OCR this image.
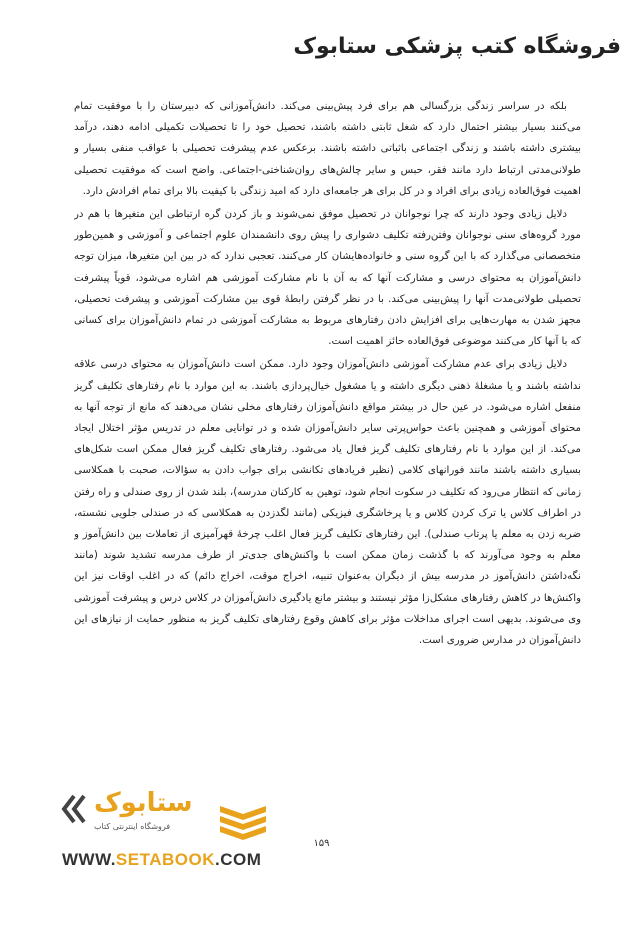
فروشگاه کتب پزشکی ستابوک

بلکه در سراسر زندگی بزرگسالی هم برای فرد پیش‌بینی می‌کند. دانش‌آموزانی که دبیرستان را با موفقیت تمام می‌کنند بسیار بیشتر احتمال دارد که شغل ثابتی داشته باشند، تحصیل خود را تا تحصیلات تکمیلی ادامه دهند، درآمد بیشتری داشته باشند و زندگی اجتماعی باثباتی داشته باشند. برعکس عدم پیشرفت تحصیلی با عواقب منفی بسیار و طولانی‌مدتی ارتباط دارد مانند فقر، حبس و سایر چالش‌های روان‌شناختی-اجتماعی. واضح است که موفقیت تحصیلی اهمیت فوق‌العاده زیادی برای افراد و در کل برای هر جامعه‌ای دارد که امید زندگی با کیفیت بالا برای تمام افرادش دارد.

دلایل زیادی وجود دارند که چرا نوجوانان در تحصیل موفق نمی‌شوند و باز کردن گره ارتباطی این متغیرها با هم در مورد گروه‌های سنی نوجوانان وفتن‌رفته تکلیف دشواری را پیش روی دانشمندان علوم اجتماعی و آموزشی و همین‌طور متخصصانی می‌گذارد که با این گروه سنی و خانواده‌هایشان کار می‌کنند. تعجبی ندارد که در بین این متغیرها، میزان توجه دانش‌آموزان به محتوای درسی و مشارکت آنها که به آن با نام مشارکت آموزشی هم اشاره می‌شود، قویاً پیشرفت تحصیلی طولانی‌مدت آنها را پیش‌بینی می‌کند. با در نظر گرفتن رابطهٔ قوی بین مشارکت آموزشی و پیشرفت تحصیلی، مجهز شدن به مهارت‌هایی برای افزایش دادن رفتارهای مربوط به مشارکت آموزشی در تمام دانش‌آموزان برای کسانی که با آنها کار می‌کنند موضوعی فوق‌العاده حائز اهمیت است.

دلایل زیادی برای عدم مشارکت آموزشی دانش‌آموزان وجود دارد. ممکن است دانش‌آموزان به محتوای درسی علاقه نداشته باشند و یا مشغلهٔ ذهنی دیگری داشته و یا مشغول خیال‌پردازی باشند. به این موارد با نام رفتارهای تکلیف گریز منفعل اشاره می‌شود. در عین حال در بیشتر مواقع دانش‌آموزان رفتارهای مخلی نشان می‌دهند که مانع از توجه آنها به محتوای آموزشی و همچنین باعث حواس‌پرتی سایر دانش‌آموزان شده و در توانایی معلم در تدریس مؤثر اختلال ایجاد می‌کند. از این موارد با نام رفتارهای تکلیف گریز فعال یاد می‌شود. رفتارهای تکلیف گریز فعال ممکن است شکل‌های بسیاری داشته باشند مانند فورانهای کلامی (نظیر فریادهای تکانشی برای جواب دادن به سؤالات، صحبت با همکلاسی زمانی که انتظار می‌رود که تکلیف در سکوت انجام شود، توهین به کارکنان مدرسه)، بلند شدن از روی صندلی و راه رفتن در اطراف کلاس یا ترک کردن کلاس و یا پرخاشگری فیزیکی (مانند لگدزدن به همکلاسی که در صندلی جلویی نشسته، ضربه زدن به معلم یا پرتاب صندلی). این رفتارهای تکلیف گریز فعال اغلب چرخهٔ قهرآمیزی از تعاملات بین دانش‌آموز و معلم به وجود می‌آورند که با گذشت زمان ممکن است با واکنش‌های جدی‌تر از طرف مدرسه تشدید شوند (مانند نگه‌داشتن دانش‌آموز در مدرسه بیش از دیگران به‌عنوان تنبیه، اخراج موقت، اخراج دائم) که در اغلب اوقات نیز این واکنش‌ها در کاهش رفتارهای مشکل‌زا مؤثر نیستند و بیشتر مانع یادگیری دانش‌آموزان در کلاس درس و پیشرفت آموزشی وی می‌شوند. بدیهی است اجرای مداخلات مؤثر برای کاهش وقوع رفتارهای تکلیف گریز به منظور حمایت از نیازهای این دانش‌آموزان در مدارس ضروری است.

۱۵۹
ستابوک
فروشگاه اینترنتی کتاب
WWW.SETABOOK.COM
